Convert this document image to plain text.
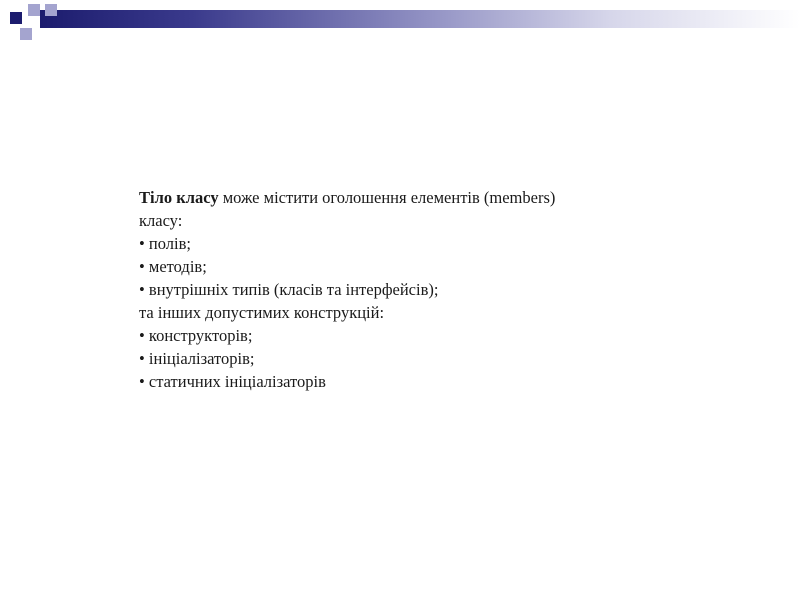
Тіло класу може містити оголошення елементів (members)
класу:
• полів;
• методів;
• внутрішніх типів (класів та інтерфейсів);
та інших допустимих конструкцій:
• конструкторів;
• ініціалізаторів;
• статичних ініціалізаторів
